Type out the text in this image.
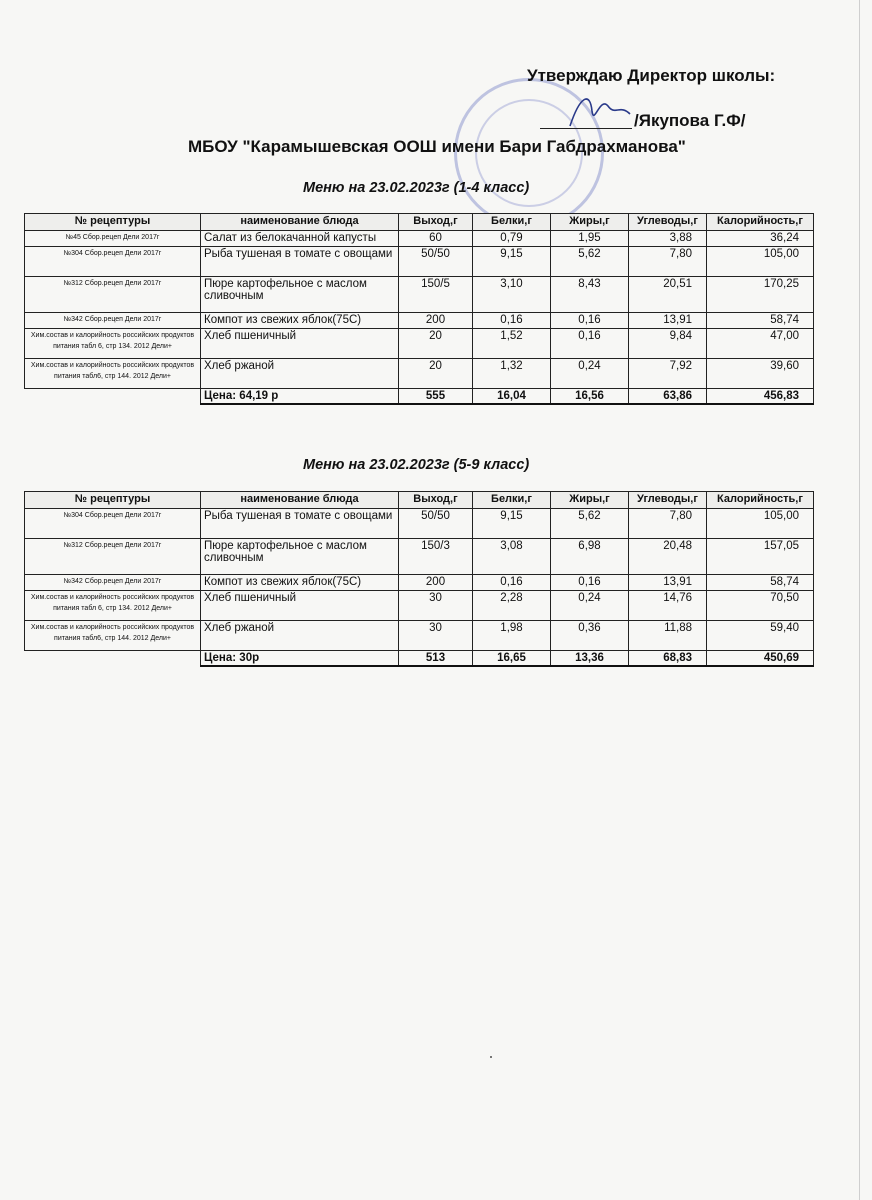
Утверждаю Директор школы:
/Якупова Г.Ф/
МБОУ "Карамышевская ООШ имени Бари Габдрахманова"
Меню на 23.02.2023г (1-4 класс)
№ рецептуры	наименование блюда	Выход,г	Белки,г	Жиры,г	Углеводы,г	Калорийность,г
№45 Сбор.рецеп Дели 2017г	Салат из белокачанной капусты	60	0,79	1,95	3,88	36,24
№304 Сбор.рецеп Дели 2017г	Рыба тушеная в томате с овощами	50/50	9,15	5,62	7,80	105,00
№312 Сбор.рецеп Дели 2017г	Пюре картофельное с маслом сливочным	150/5	3,10	8,43	20,51	170,25
№342 Сбор.рецеп Дели 2017г	Компот из свежих яблок(75С)	200	0,16	0,16	13,91	58,74
Хим.состав и калорийность российских продуктов питания табл 6, стр 134. 2012 Дели+	Хлеб пшеничный	20	1,52	0,16	9,84	47,00
Хим.состав и калорийность российских продуктов питания табл6, стр 144. 2012 Дели+	Хлеб ржаной	20	1,32	0,24	7,92	39,60
	Цена: 64,19 р	555	16,04	16,56	63,86	456,83
Меню на 23.02.2023г (5-9 класс)
№ рецептуры	наименование блюда	Выход,г	Белки,г	Жиры,г	Углеводы,г	Калорийность,г
№304 Сбор.рецеп Дели 2017г	Рыба тушеная в томате с овощами	50/50	9,15	5,62	7,80	105,00
№312 Сбор.рецеп Дели 2017г	Пюре картофельное с маслом сливочным	150/3	3,08	6,98	20,48	157,05
№342 Сбор.рецеп Дели 2017г	Компот из свежих яблок(75С)	200	0,16	0,16	13,91	58,74
Хим.состав и калорийность российских продуктов питания табл 6, стр 134. 2012 Дели+	Хлеб пшеничный	30	2,28	0,24	14,76	70,50
Хим.состав и калорийность российских продуктов питания табл6, стр 144. 2012 Дели+	Хлеб ржаной	30	1,98	0,36	11,88	59,40
	Цена: 30р	513	16,65	13,36	68,83	450,69
